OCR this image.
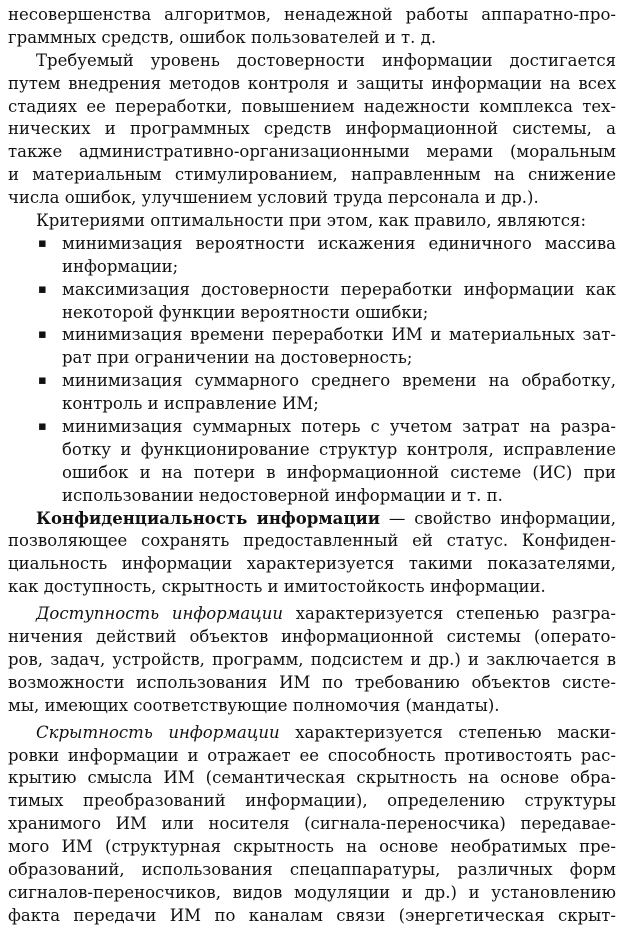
несовершенства алгоритмов, ненадежной работы аппаратно-про-
граммных средств, ошибок пользователей и т. д.
Требуемый уровень достоверности информации достигается
путем внедрения методов контроля и защиты информации на всех
стадиях ее переработки, повышением надежности комплекса тех-
нических и программных средств информационной системы, а
также административно-организационными мерами (моральным
и материальным стимулированием, направленным на снижение
числа ошибок, улучшением условий труда персонала и др.).
Критериями оптимальности при этом, как правило, являются:
▪ минимизация вероятности искажения единичного массива
информации;
▪ максимизация достоверности переработки информации как
некоторой функции вероятности ошибки;
▪ минимизация времени переработки ИМ и материальных зат-
рат при ограничении на достоверность;
▪ минимизация суммарного среднего времени на обработку,
контроль и исправление ИМ;
▪ минимизация суммарных потерь с учетом затрат на разра-
ботку и функционирование структур контроля, исправление
ошибок и на потери в информационной системе (ИС) при
использовании недостоверной информации и т. п.
Конфиденциальность информации — свойство информации,
позволяющее сохранять предоставленный ей статус. Конфиден-
циальность информации характеризуется такими показателями,
как доступность, скрытность и имитостойкость информации.
Доступность информации характеризуется степенью разгра-
ничения действий объектов информационной системы (операто-
ров, задач, устройств, программ, подсистем и др.) и заключается в
возможности использования ИМ по требованию объектов систе-
мы, имеющих соответствующие полномочия (мандаты).
Скрытность информации характеризуется степенью маски-
ровки информации и отражает ее способность противостоять рас-
крытию смысла ИМ (семантическая скрытность на основе обра-
тимых преобразований информации), определению структуры
хранимого ИМ или носителя (сигнала-переносчика) передавае-
мого ИМ (структурная скрытность на основе необратимых пре-
образований, использования спецаппаратуры, различных форм
сигналов-переносчиков, видов модуляции и др.) и установлению
факта передачи ИМ по каналам связи (энергетическая скрыт-
